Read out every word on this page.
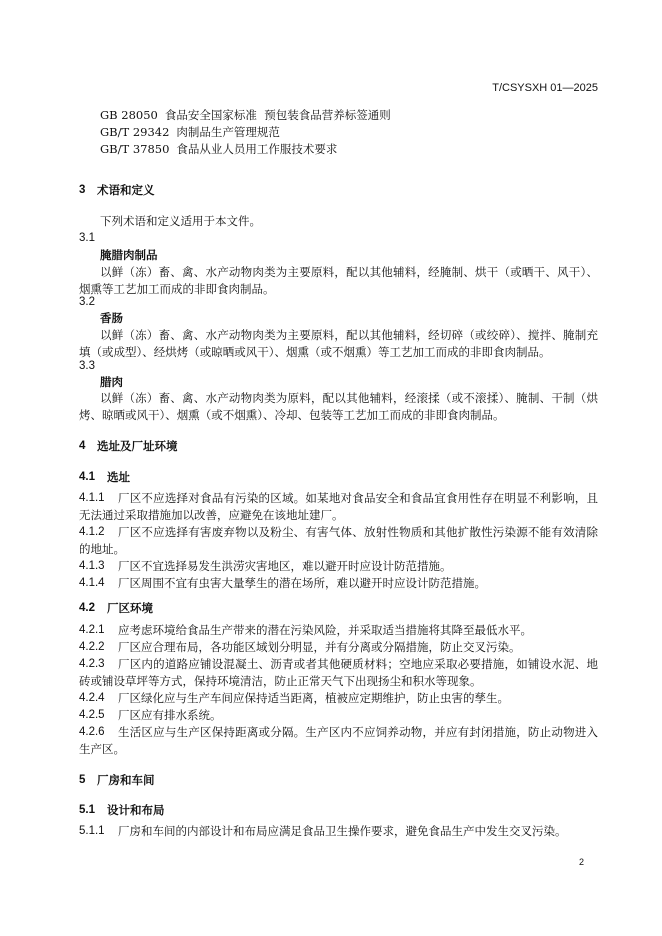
T/CSYSXH 01—2025
GB 28050 食品安全国家标准  预包装食品营养标签通则
GB/T 29342 肉制品生产管理规范
GB/T 37850 食品从业人员用工作服技术要求
3	术语和定义
下列术语和定义适用于本文件。
3.1
腌腊肉制品
以鲜（冻）畜、禽、水产动物肉类为主要原料，配以其他辅料，经腌制、烘干（或晒干、风干）、
烟熏等工艺加工而成的非即食肉制品。
3.2
香肠
以鲜（冻）畜、禽、水产动物肉类为主要原料，配以其他辅料，经切碎（或绞碎）、搅拌、腌制充
填（或成型）、经烘烤（或晾晒或风干）、烟熏（或不烟熏）等工艺加工而成的非即食肉制品。
3.3
腊肉
以鲜（冻）畜、禽、水产动物肉类为原料，配以其他辅料，经滚揉（或不滚揉）、腌制、干制（烘
烤、晾晒或风干）、烟熏（或不烟熏）、冷却、包装等工艺加工而成的非即食肉制品。
4	选址及厂址环境
4.1	选址
4.1.1	厂区不应选择对食品有污染的区域。如某地对食品安全和食品宜食用性存在明显不利影响，且
无法通过采取措施加以改善，应避免在该地址建厂。
4.1.2	厂区不应选择有害废弃物以及粉尘、有害气体、放射性物质和其他扩散性污染源不能有效清除
的地址。
4.1.3	厂区不宜选择易发生洪涝灾害地区，难以避开时应设计防范措施。
4.1.4	厂区周围不宜有虫害大量孳生的潜在场所，难以避开时应设计防范措施。
4.2	厂区环境
4.2.1	应考虑环境给食品生产带来的潜在污染风险，并采取适当措施将其降至最低水平。
4.2.2	厂区应合理布局，各功能区域划分明显，并有分离或分隔措施，防止交叉污染。
4.2.3	厂区内的道路应铺设混凝土、沥青或者其他硬质材料；空地应采取必要措施，如铺设水泥、地
砖或铺设草坪等方式，保持环境清洁，防止正常天气下出现扬尘和积水等现象。
4.2.4	厂区绿化应与生产车间应保持适当距离，植被应定期维护，防止虫害的孳生。
4.2.5	厂区应有排水系统。
4.2.6	生活区应与生产区保持距离或分隔。生产区内不应饲养动物，并应有封闭措施，防止动物进入
生产区。
5	厂房和车间
5.1	设计和布局
5.1.1	厂房和车间的内部设计和布局应满足食品卫生操作要求，避免食品生产中发生交叉污染。
2
